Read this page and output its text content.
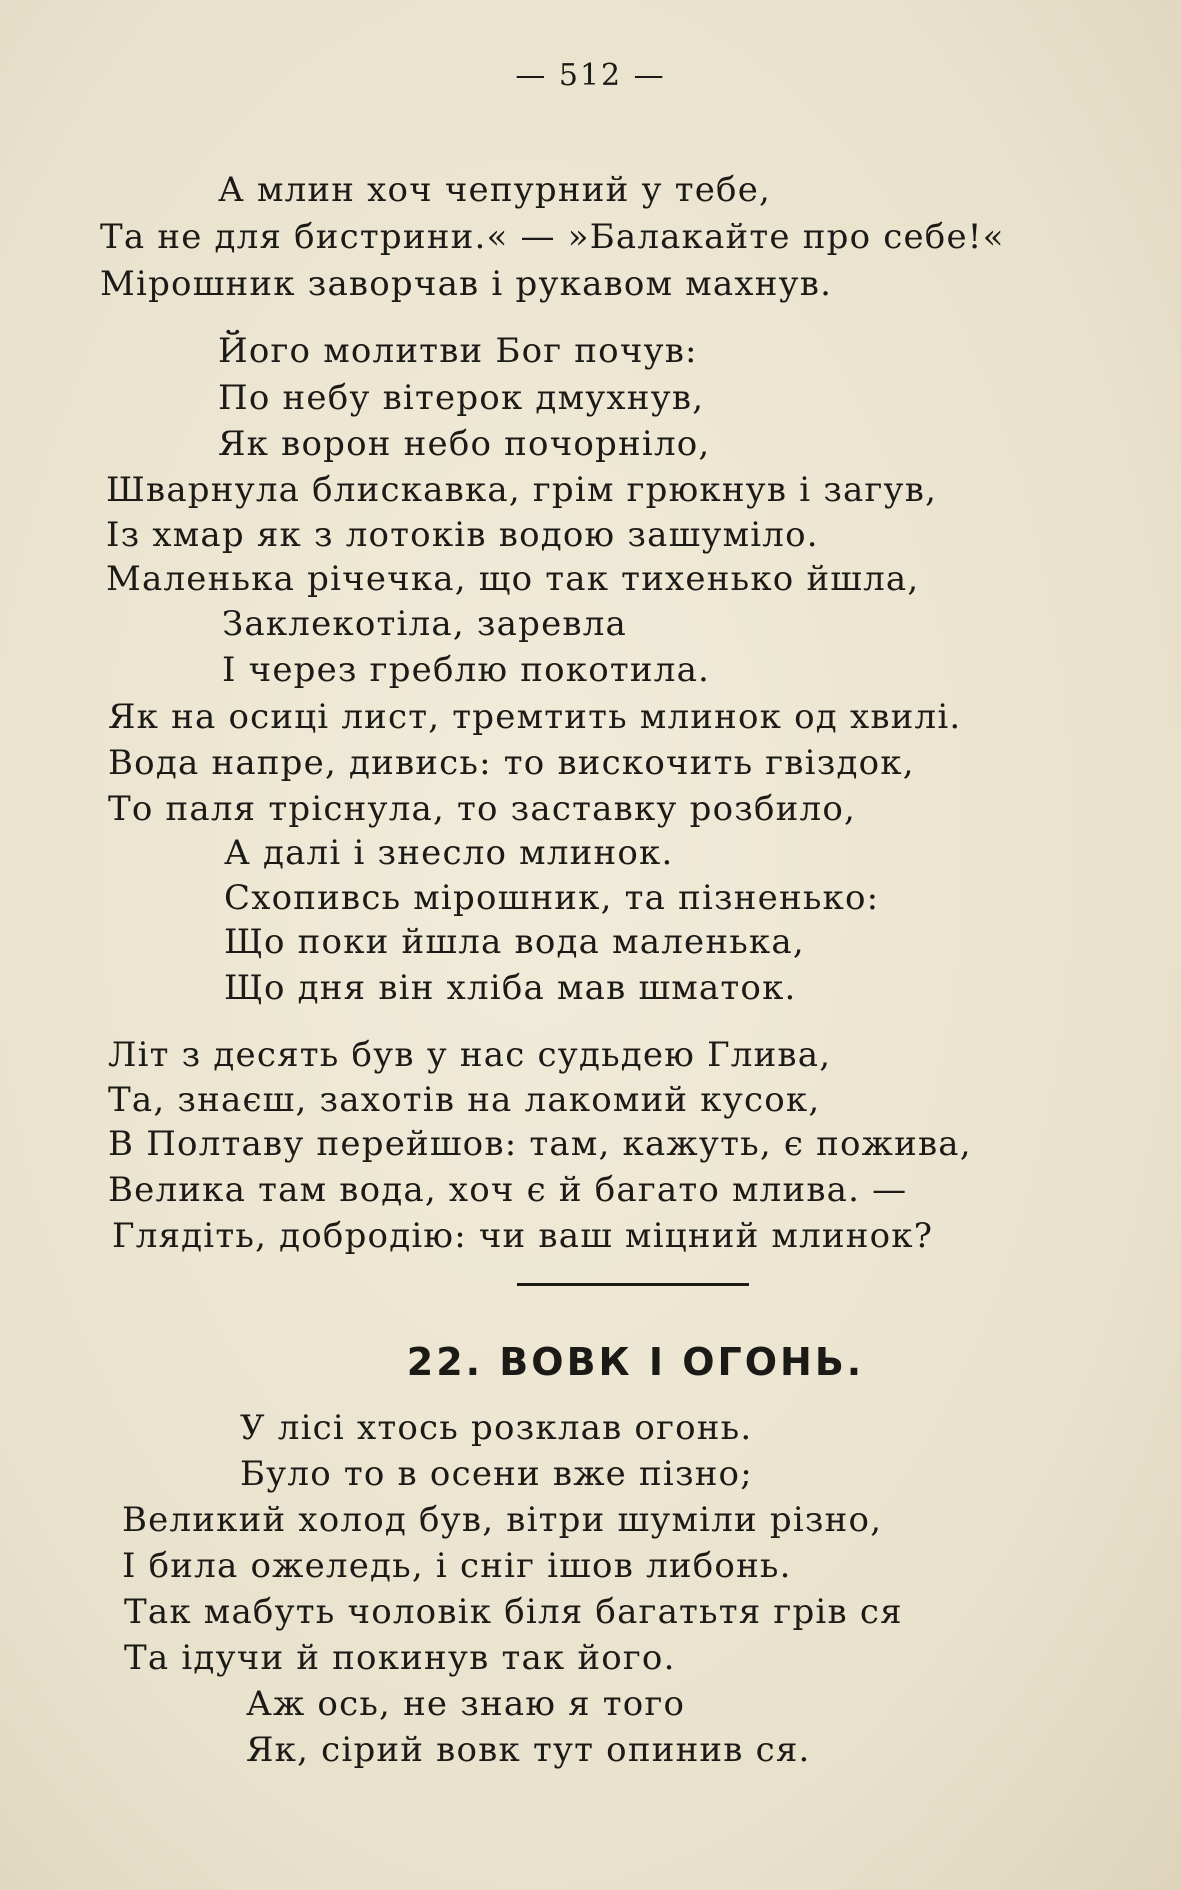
— 512 —
А млин хоч чепурний у тебе,
Та не для бистрини.« — »Балакайте про себе!«
Мірошник заворчав і рукавом махнув.
Його молитви Бог почув:
По небу вітерок дмухнув,
Як ворон небо почорніло,
Шварнула блискавка, грім грюкнув і загув,
Із хмар як з лотоків водою зашуміло.
Маленька річечка, що так тихенько йшла,
Заклекотіла, заревла
І через греблю покотила.
Як на осиці лист, тремтить млинок од хвилі.
Вода напре, дивись: то вискочить гвіздок,
То паля тріснула, то заставку розбило,
А далі і знесло млинок.
Схопивсь мірошник, та пізненько:
Що поки йшла вода маленька,
Що дня він хліба мав шматок.
Літ з десять був у нас судьдею Глива,
Та, знаєш, захотів на лакомий кусок,
В Полтаву перейшов: там, кажуть, є пожива,
Велика там вода, хоч є й багато млива. —
Глядіть, добродію: чи ваш міцний млинок?
22. ВОВК І ОГОНЬ.
У лісі хтось розклав огонь.
Було то в осени вже пізно;
Великий холод був, вітри шуміли різно,
І била ожеледь, і сніг ішов либонь.
Так мабуть чоловік біля багатьтя грів ся
Та ідучи й покинув так його.
Аж ось, не знаю я того
Як, сірий вовк тут опинив ся.
